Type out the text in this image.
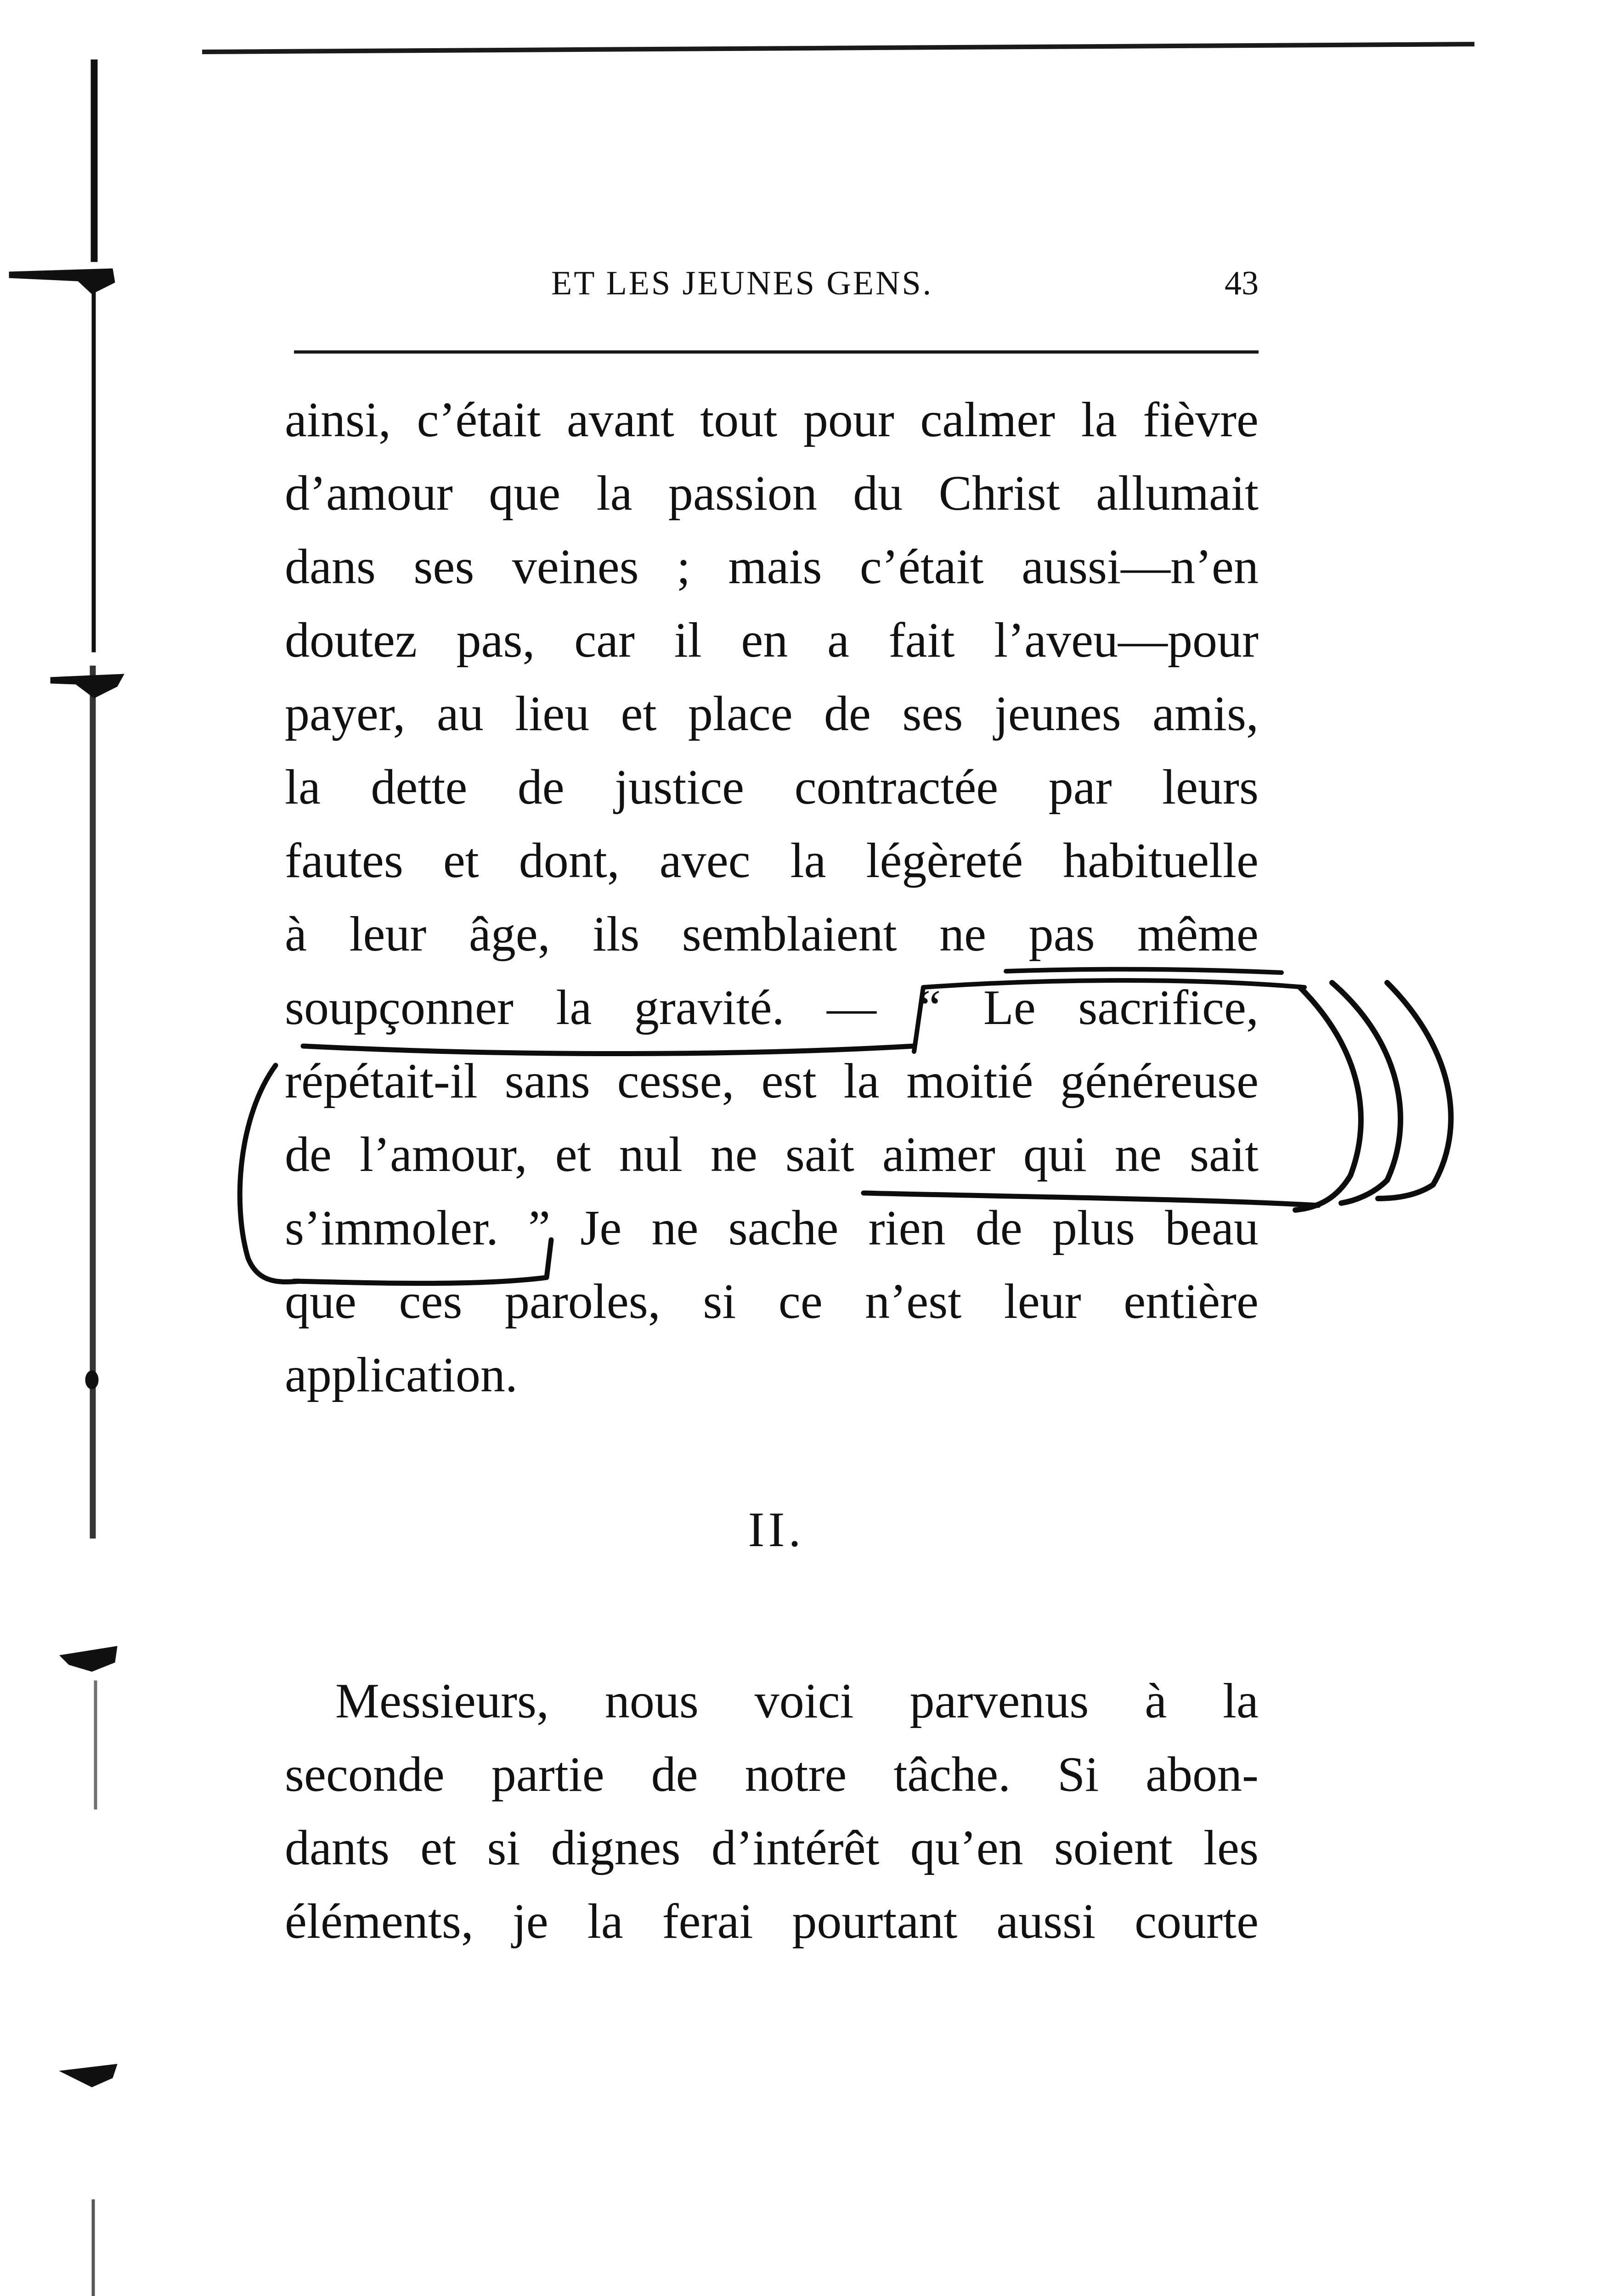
ET LES JEUNES GENS.	43
ainsi, c’était avant tout pour calmer la fièvre
d’amour que la passion du Christ allumait
dans ses veines ; mais c’était aussi—n’en
doutez pas, car il en a fait l’aveu—pour
payer, au lieu et place de ses jeunes amis,
la dette de justice contractée par leurs
fautes et dont, avec la légèreté habituelle
à leur âge, ils semblaient ne pas même
soupçonner la gravité. — “ Le sacrifice,
répétait-il sans cesse, est la moitié généreuse
de l’amour, et nul ne sait aimer qui ne sait
s’immoler. ” Je ne sache rien de plus beau
que ces paroles, si ce n’est leur entière
application.
II.
Messieurs, nous voici parvenus à la
seconde partie de notre tâche. Si abon-
dants et si dignes d’intérêt qu’en soient les
éléments, je la ferai pourtant aussi courte
